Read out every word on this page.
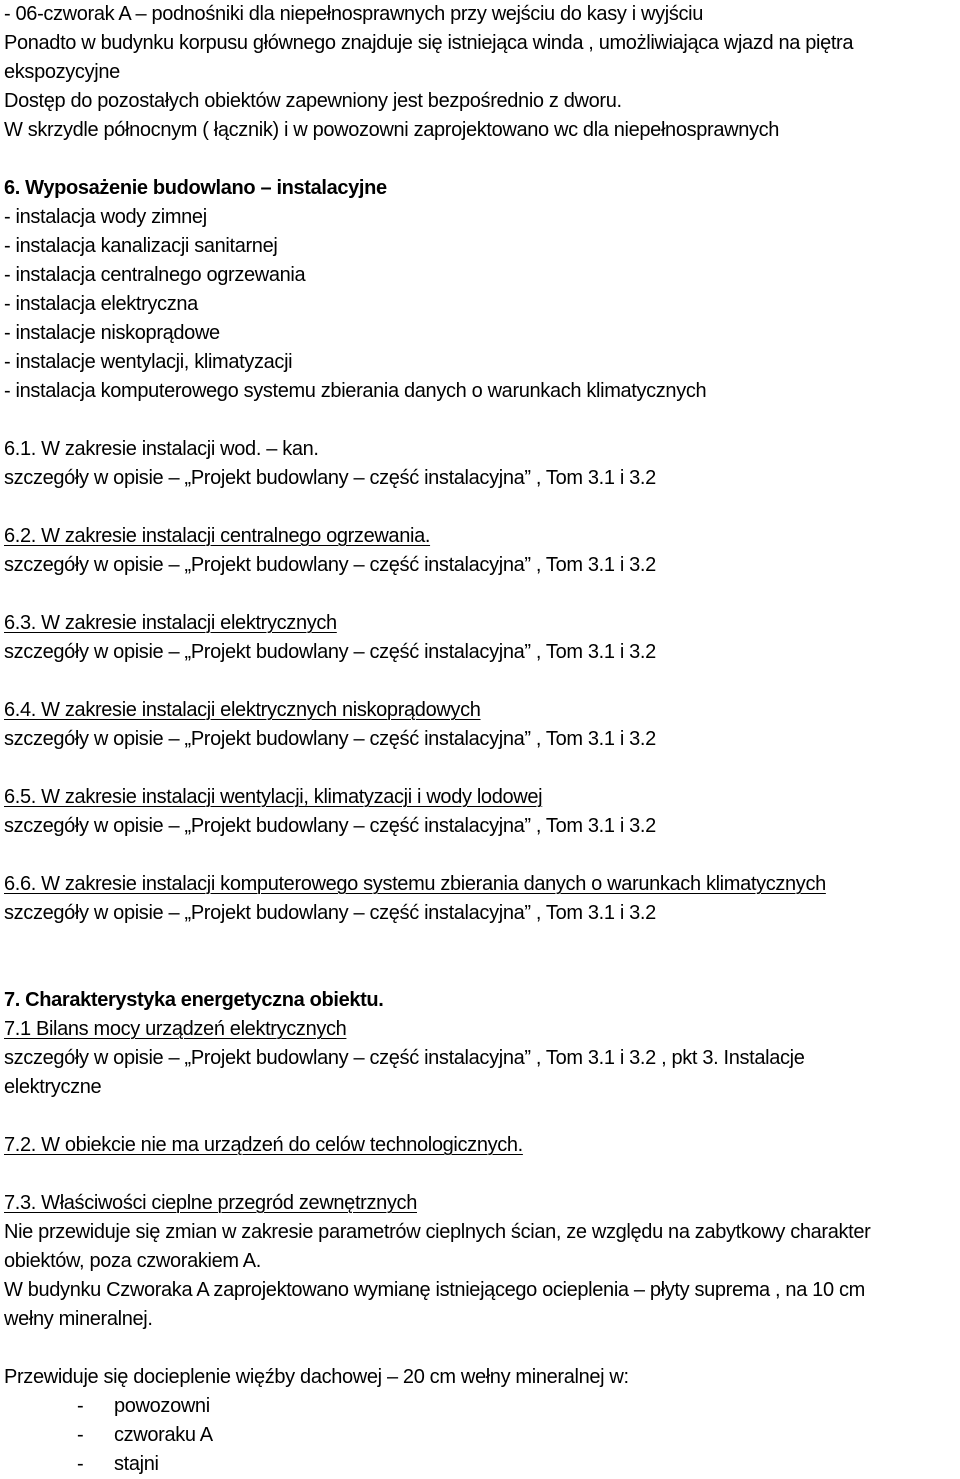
- 06-czworak A – podnośniki dla niepełnosprawnych przy wejściu do kasy i wyjściu
Ponadto w budynku korpusu głównego znajduje się istniejąca winda , umożliwiająca wjazd na piętra
ekspozycyjne
Dostęp do pozostałych obiektów zapewniony jest bezpośrednio z dworu.
W skrzydle północnym ( łącznik) i w powozowni zaprojektowano wc dla niepełnosprawnych
6. Wyposażenie budowlano – instalacyjne
- instalacja wody zimnej
- instalacja kanalizacji sanitarnej
- instalacja centralnego ogrzewania
- instalacja elektryczna
- instalacje niskoprądowe
- instalacje wentylacji, klimatyzacji
- instalacja komputerowego systemu zbierania danych o warunkach klimatycznych
6.1. W zakresie instalacji wod. – kan.
szczegóły w opisie – „Projekt budowlany – część instalacyjna” , Tom 3.1 i 3.2
6.2. W zakresie instalacji centralnego ogrzewania.
szczegóły w opisie – „Projekt budowlany – część instalacyjna” , Tom 3.1 i 3.2
6.3. W zakresie instalacji elektrycznych
szczegóły w opisie – „Projekt budowlany – część instalacyjna” , Tom 3.1 i 3.2
6.4. W zakresie instalacji elektrycznych niskoprądowych
szczegóły w opisie – „Projekt budowlany – część instalacyjna” , Tom 3.1 i 3.2
6.5. W zakresie instalacji wentylacji, klimatyzacji i wody lodowej
szczegóły w opisie – „Projekt budowlany – część instalacyjna” , Tom 3.1 i 3.2
6.6. W zakresie instalacji komputerowego systemu zbierania danych o warunkach klimatycznych
szczegóły w opisie – „Projekt budowlany – część instalacyjna” , Tom 3.1 i 3.2
7. Charakterystyka energetyczna obiektu.
7.1 Bilans mocy urządzeń elektrycznych
szczegóły w opisie – „Projekt budowlany – część instalacyjna” , Tom 3.1 i 3.2 , pkt 3. Instalacje
elektryczne
7.2. W obiekcie nie ma urządzeń do celów technologicznych.
7.3. Właściwości cieplne przegród zewnętrznych
Nie przewiduje się zmian w zakresie parametrów cieplnych ścian, ze względu na zabytkowy charakter
obiektów, poza czworakiem A.
W budynku Czworaka A zaprojektowano wymianę istniejącego ocieplenia – płyty suprema , na 10 cm
wełny mineralnej.
Przewiduje się docieplenie więźby dachowej – 20 cm wełny mineralnej w:
- powozowni
- czworaku A
- stajni
